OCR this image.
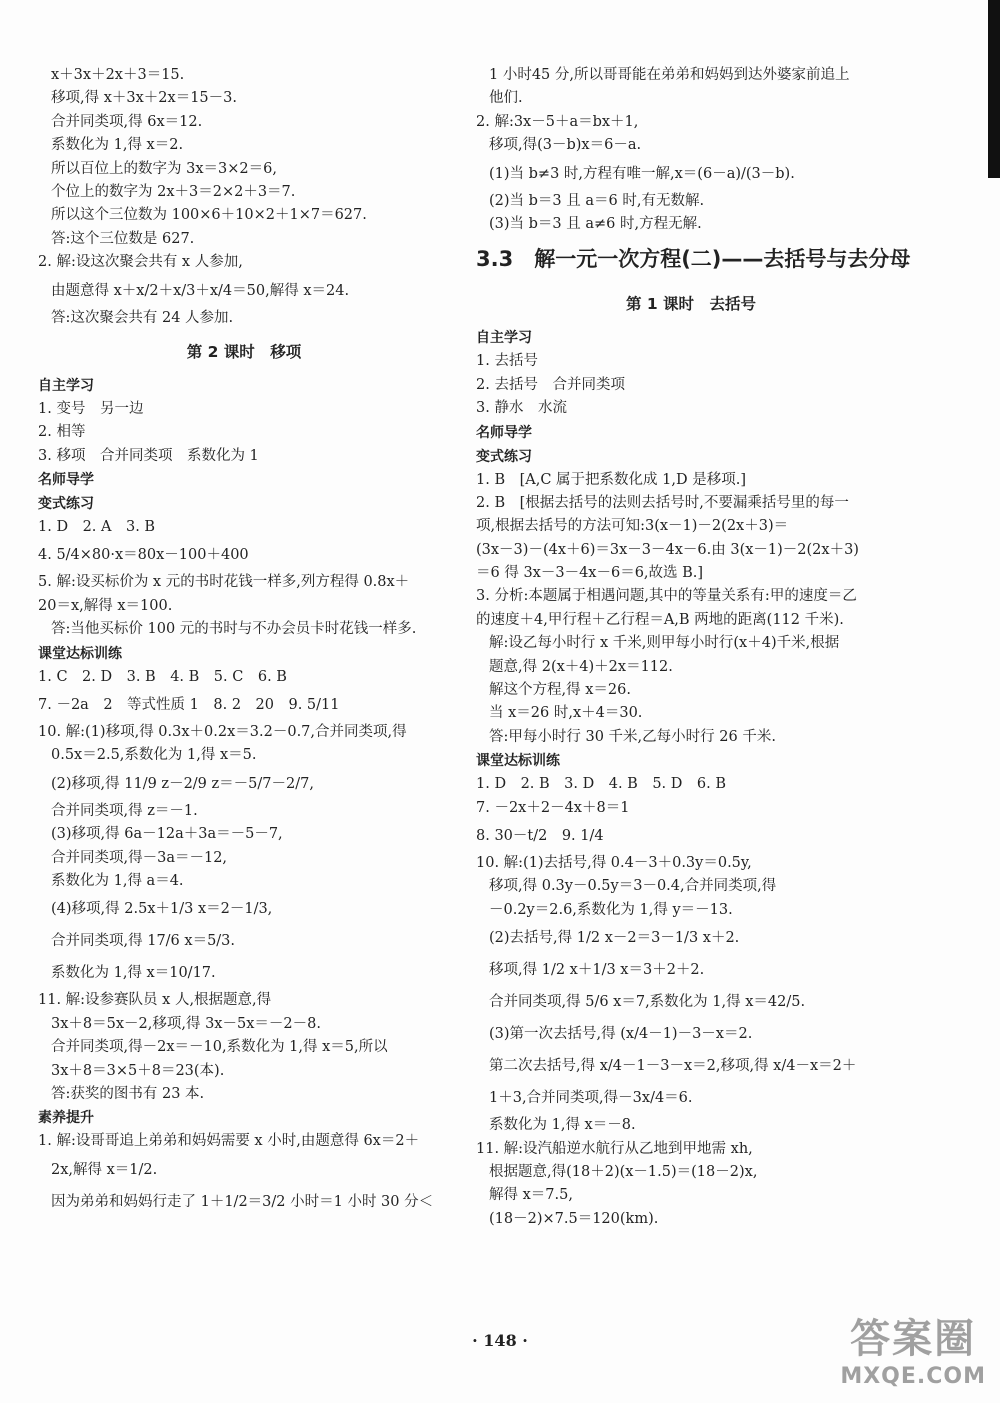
x＋3x＋2x＋3＝15.
移项,得 x＋3x＋2x＝15－3.
合并同类项,得 6x＝12.
系数化为 1,得 x＝2.
所以百位上的数字为 3x＝3×2＝6,
个位上的数字为 2x＋3＝2×2＋3＝7.
所以这个三位数为 100×6＋10×2＋1×7＝627.
答:这个三位数是 627.
2. 解:设这次聚会共有 x 人参加,
由题意得 x＋x/2＋x/3＋x/4＝50,解得 x＝24.
答:这次聚会共有 24 人参加.
第 2 课时　移项
自主学习
1. 变号　另一边
2. 相等
3. 移项　合并同类项　系数化为 1
名师导学
变式练习
1. D　2. A　3. B
4. 5/4×80·x＝80x－100＋400
5. 解:设买标价为 x 元的书时花钱一样多,列方程得 0.8x＋
20＝x,解得 x＝100.
答:当他买标价 100 元的书时与不办会员卡时花钱一样多.
课堂达标训练
1. C　2. D　3. B　4. B　5. C　6. B
7. －2a　2　等式性质 1　8. 2　20　9. 5/11
10. 解:(1)移项,得 0.3x＋0.2x＝3.2－0.7,合并同类项,得
0.5x＝2.5,系数化为 1,得 x＝5.
(2)移项,得 11/9 z－2/9 z＝－5/7－2/7,
合并同类项,得 z＝－1.
(3)移项,得 6a－12a＋3a＝－5－7,
合并同类项,得－3a＝－12,
系数化为 1,得 a＝4.
(4)移项,得 2.5x＋1/3 x＝2－1/3,
合并同类项,得 17/6 x＝5/3.
系数化为 1,得 x＝10/17.
11. 解:设参赛队员 x 人,根据题意,得
3x＋8＝5x－2,移项,得 3x－5x＝－2－8.
合并同类项,得－2x＝－10,系数化为 1,得 x＝5,所以
3x＋8＝3×5＋8＝23(本).
答:获奖的图书有 23 本.
素养提升
1. 解:设哥哥追上弟弟和妈妈需要 x 小时,由题意得 6x＝2＋
2x,解得 x＝1/2.
因为弟弟和妈妈行走了 1＋1/2＝3/2 小时＝1 小时 30 分＜
1 小时45 分,所以哥哥能在弟弟和妈妈到达外婆家前追上
他们.
2. 解:3x－5＋a＝bx＋1,
移项,得(3－b)x＝6－a.
(1)当 b≠3 时,方程有唯一解,x＝(6－a)/(3－b).
(2)当 b＝3 且 a＝6 时,有无数解.
(3)当 b＝3 且 a≠6 时,方程无解.
3.3　解一元一次方程(二)——去括号与去分母
第 1 课时　去括号
自主学习
1. 去括号
2. 去括号　合并同类项
3. 静水　水流
名师导学
变式练习
1. B　[A,C 属于把系数化成 1,D 是移项.]
2. B　[根据去括号的法则去括号时,不要漏乘括号里的每一
项,根据去括号的方法可知:3(x－1)－2(2x＋3)＝
(3x－3)－(4x＋6)＝3x－3－4x－6.由 3(x－1)－2(2x＋3)
＝6 得 3x－3－4x－6＝6,故选 B.]
3. 分析:本题属于相遇问题,其中的等量关系有:甲的速度＝乙
的速度＋4,甲行程＋乙行程＝A,B 两地的距离(112 千米).
解:设乙每小时行 x 千米,则甲每小时行(x＋4)千米,根据
题意,得 2(x＋4)＋2x＝112.
解这个方程,得 x＝26.
当 x＝26 时,x＋4＝30.
答:甲每小时行 30 千米,乙每小时行 26 千米.
课堂达标训练
1. D　2. B　3. D　4. B　5. D　6. B
7. －2x＋2－4x＋8＝1
8. 30－t/2　9. 1/4
10. 解:(1)去括号,得 0.4－3＋0.3y＝0.5y,
移项,得 0.3y－0.5y＝3－0.4,合并同类项,得
－0.2y＝2.6,系数化为 1,得 y＝－13.
(2)去括号,得 1/2 x－2＝3－1/3 x＋2.
移项,得 1/2 x＋1/3 x＝3＋2＋2.
合并同类项,得 5/6 x＝7,系数化为 1,得 x＝42/5.
(3)第一次去括号,得 (x/4－1)－3－x＝2.
第二次去括号,得 x/4－1－3－x＝2,移项,得 x/4－x＝2＋
1＋3,合并同类项,得－3x/4＝6.
系数化为 1,得 x＝－8.
11. 解:设汽船逆水航行从乙地到甲地需 xh,
根据题意,得(18＋2)(x－1.5)＝(18－2)x,
解得 x＝7.5,
(18－2)×7.5＝120(km).
· 148 ·	答案圈
MXQE.COM
